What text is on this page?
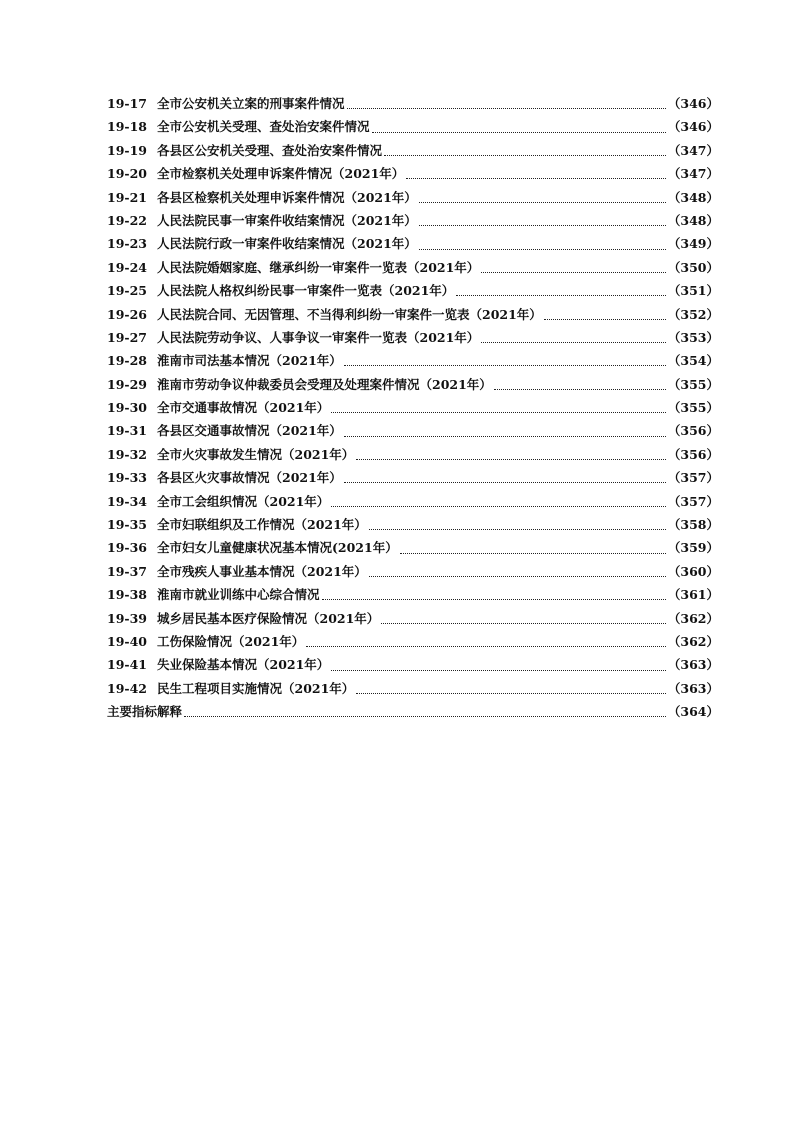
19-17 全市公安机关立案的刑事案件情况	（346）
19-18 全市公安机关受理、查处治安案件情况	（346）
19-19 各县区公安机关受理、查处治安案件情况	（347）
19-20 全市检察机关处理申诉案件情况（2021年）	（347）
19-21 各县区检察机关处理申诉案件情况（2021年）	（348）
19-22 人民法院民事一审案件收结案情况（2021年）	（348）
19-23 人民法院行政一审案件收结案情况（2021年）	（349）
19-24 人民法院婚姻家庭、继承纠纷一审案件一览表（2021年）	（350）
19-25 人民法院人格权纠纷民事一审案件一览表（2021年）	（351）
19-26 人民法院合同、无因管理、不当得利纠纷一审案件一览表（2021年）	（352）
19-27 人民法院劳动争议、人事争议一审案件一览表（2021年）	（353）
19-28 淮南市司法基本情况（2021年）	（354）
19-29 淮南市劳动争议仲裁委员会受理及处理案件情况（2021年）	（355）
19-30 全市交通事故情况（2021年）	（355）
19-31 各县区交通事故情况（2021年）	（356）
19-32 全市火灾事故发生情况（2021年）	（356）
19-33 各县区火灾事故情况（2021年）	（357）
19-34 全市工会组织情况（2021年）	（357）
19-35 全市妇联组织及工作情况（2021年）	（358）
19-36 全市妇女儿童健康状况基本情况(2021年）	（359）
19-37 全市残疾人事业基本情况（2021年）	（360）
19-38 淮南市就业训练中心综合情况	（361）
19-39 城乡居民基本医疗保险情况（2021年）	（362）
19-40 工伤保险情况（2021年）	（362）
19-41 失业保险基本情况（2021年）	（363）
19-42 民生工程项目实施情况（2021年）	（363）
主要指标解释	（364）
